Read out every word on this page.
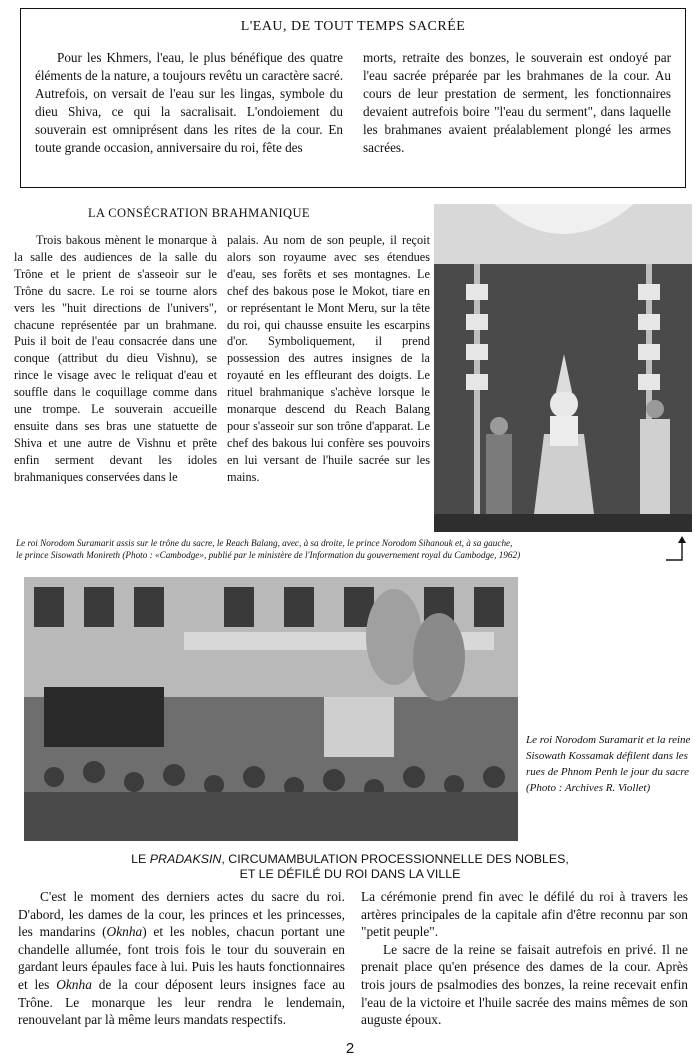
L'EAU, DE TOUT TEMPS SACRÉE

Pour les Khmers, l'eau, le plus bénéfique des quatre éléments de la nature, a toujours revêtu un caractère sacré. Autrefois, on versait de l'eau sur les lingas, symbole du dieu Shiva, ce qui la sacralisait. L'ondoiement du souverain est omniprésent dans les rites de la cour. En toute grande occasion, anniversaire du roi, fête des

morts, retraite des bonzes, le souverain est ondoyé par l'eau sacrée préparée par les brahmanes de la cour. Au cours de leur prestation de serment, les fonctionnaires devaient autrefois boire "l'eau du serment", dans laquelle les brahmanes avaient préalablement plongé les armes sacrées.

LA CONSÉCRATION BRAHMANIQUE

Trois bakous mènent le monarque à la salle des audiences de la salle du Trône et le prient de s'asseoir sur le Trône du sacre. Le roi se tourne alors vers les "huit directions de l'univers", chacune représentée par un brahmane. Puis il boit de l'eau consacrée dans une conque (attribut du dieu Vishnu), se rince le visage avec le reliquat d'eau et souffle dans le coquillage comme dans une trompe. Le souverain accueille ensuite dans ses bras une statuette de Shiva et une autre de Vishnu et prête enfin serment devant les idoles brahmaniques conservées dans le

palais. Au nom de son peuple, il reçoit alors son royaume avec ses étendues d'eau, ses forêts et ses montagnes. Le chef des bakous pose le Mokot, tiare en or représentant le Mont Meru, sur la tête du roi, qui chausse ensuite les escarpins d'or. Symboliquement, il prend possession des autres insignes de la royauté en les effleurant des doigts. Le rituel brahmanique s'achève lorsque le monarque descend du Reach Balang pour s'asseoir sur son trône d'apparat. Le chef des bakous lui confère ses pouvoirs en lui versant de l'huile sacrée sur les mains.

Le roi Norodom Suramarit assis sur le trône du sacre, le Reach Balang, avec, à sa droite, le prince Norodom Sihanouk et, à sa gauche,
le prince Sisowath Monireth (Photo : «Cambodge», publié par le ministère de l'Information du gouvernement royal du Cambodge, 1962)
Le roi Norodom Suramarit et la reine Sisowath Kossamak défilent dans les rues de Phnom Penh le jour du sacre (Photo : Archives R. Viollet)
LE PRADAKSIN, CIRCUMAMBULATION PROCESSIONNELLE DES NOBLES,
ET LE DÉFILÉ DU ROI DANS LA VILLE

C'est le moment des derniers actes du sacre du roi. D'abord, les dames de la cour, les princes et les princesses, les mandarins (Oknha) et les nobles, chacun portant une chandelle allumée, font trois fois le tour du souverain en gardant leurs épaules face à lui. Puis les hauts fonctionnaires et les Oknha de la cour déposent leurs insignes face au Trône. Le monarque les leur rendra le lendemain, renouvelant par là même leurs mandats respectifs.

La cérémonie prend fin avec le défilé du roi à travers les artères principales de la capitale afin d'être reconnu par son "petit peuple".

Le sacre de la reine se faisait autrefois en privé. Il ne prenait place qu'en présence des dames de la cour. Après trois jours de psalmodies des bonzes, la reine recevait enfin l'eau de la victoire et l'huile sacrée des mains mêmes de son auguste époux.

2
